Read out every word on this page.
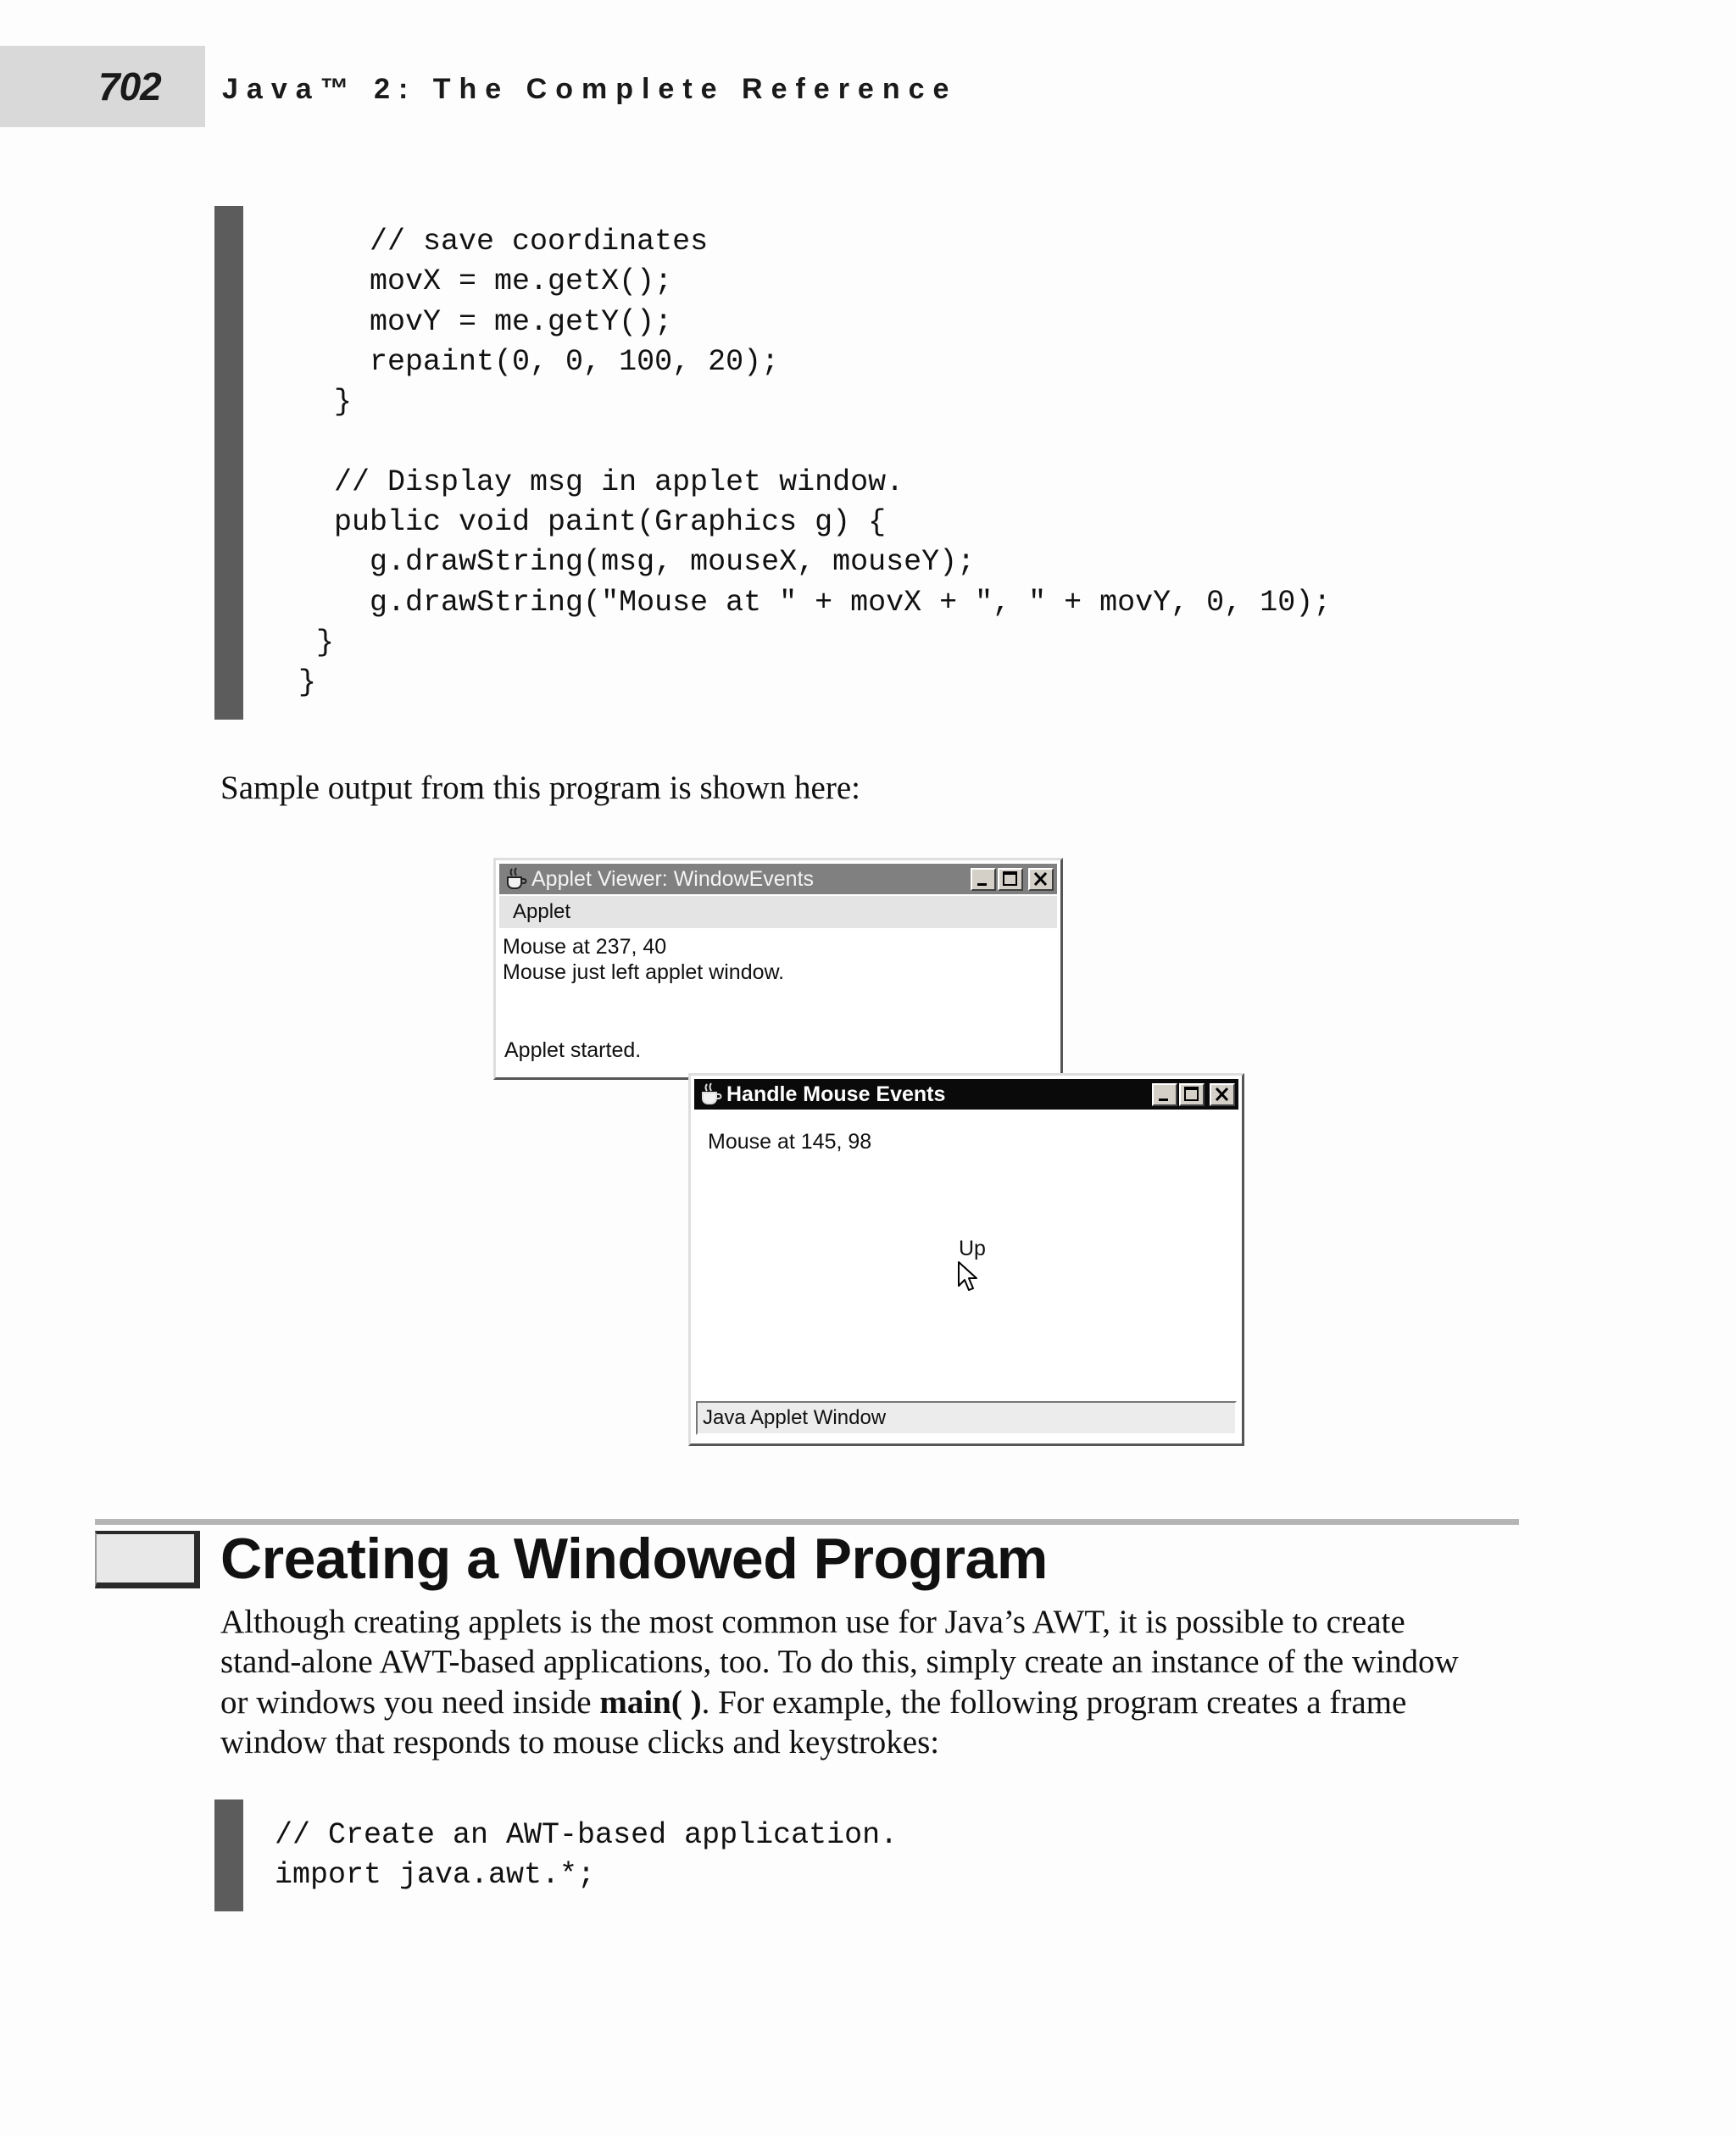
702 Java™ 2: The Complete Reference
// save coordinates
movX = me.getX();
movY = me.getY();
repaint(0, 0, 100, 20);
}

// Display msg in applet window.
public void paint(Graphics g) {
g.drawString(msg, mouseX, mouseY);
g.drawString("Mouse at " + movX + ", " + movY, 0, 10);
}
}

Sample output from this program is shown here:

Applet Viewer: WindowEvents
Applet
Mouse at 237, 40
Mouse just left applet window.
Applet started.
Handle Mouse Events
Mouse at 145, 98
Up
Java Applet Window
Creating a Windowed Program

Although creating applets is the most common use for Java’s AWT, it is possible to create stand-alone AWT-based applications, too. To do this, simply create an instance of the window or windows you need inside main( ). For example, the following program creates a frame window that responds to mouse clicks and keystrokes:

// Create an AWT-based application.
import java.awt.*;
